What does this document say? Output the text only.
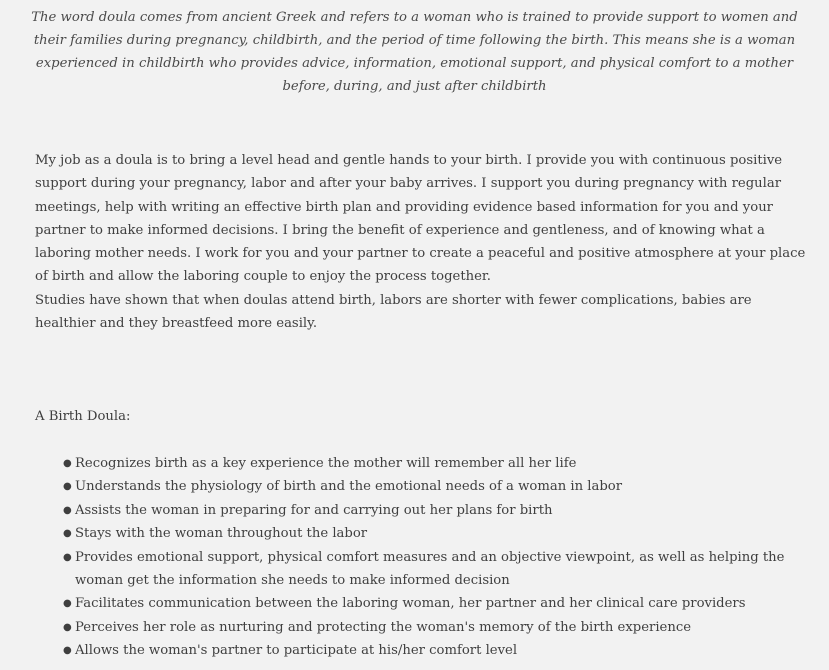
The word doula comes from ancient Greek and refers to a woman who is trained to provide support to women and their families during pregnancy, childbirth, and the period of time following the birth. This means she is a woman experienced in childbirth who provides advice, information, emotional support, and physical comfort to a mother before, during, and just after childbirth

My job as a doula is to bring a level head and gentle hands to your birth. I provide you with continuous positive support during your pregnancy, labor and after your baby arrives. I support you during pregnancy with regular meetings, help with writing an effective birth plan and providing evidence based information for you and your partner to make informed decisions. I bring the benefit of experience and gentleness, and of knowing what a laboring mother needs. I work for you and your partner to create a peaceful and positive atmosphere at your place of birth and allow the laboring couple to enjoy the process together.

Studies have shown that when doulas attend birth, labors are shorter with fewer complications, babies are healthier and they breastfeed more easily.

A Birth Doula:

● Recognizes birth as a key experience the mother will remember all her life
● Understands the physiology of birth and the emotional needs of a woman in labor
● Assists the woman in preparing for and carrying out her plans for birth
● Stays with the woman throughout the labor
● Provides emotional support, physical comfort measures and an objective viewpoint, as well as helping the woman get the information she needs to make informed decision
● Facilitates communication between the laboring woman, her partner and her clinical care providers
● Perceives her role as nurturing and protecting the woman's memory of the birth experience
● Allows the woman's partner to participate at his/her comfort level
